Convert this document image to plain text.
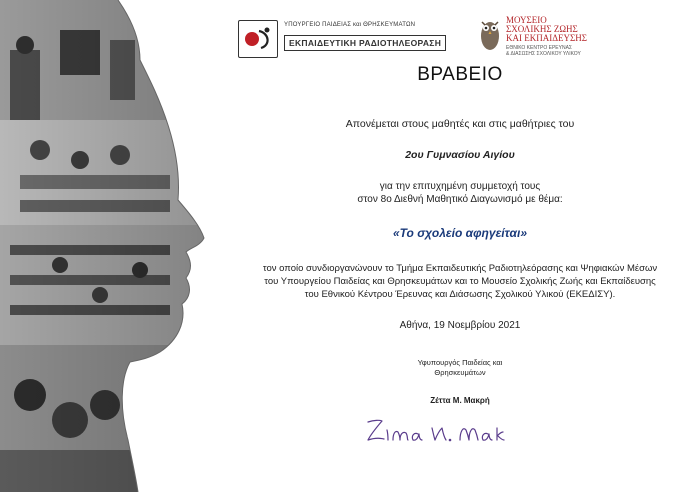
ΥΠΟΥΡΓΕΙΟ ΠΑΙΔΕΙΑΣ και ΘΡΗΣΚΕΥΜΑΤΩΝ
ΕΚΠΑΙΔΕΥΤΙΚΗ ΡΑΔΙΟΤΗΛΕΟΡΑΣΗ
ΜΟΥΣΕΙΟ
ΣΧΟΛΙΚΗΣ ΖΩΗΣ
ΚΑΙ ΕΚΠΑΙΔΕΥΣΗΣ
ΕΘΝΙΚΟ ΚΕΝΤΡΟ ΕΡΕΥΝΑΣ
& ΔΙΑΣΩΣΗΣ ΣΧΟΛΙΚΟΥ ΥΛΙΚΟΥ
ΒΡΑΒΕΙΟ
Απονέμεται στους μαθητές και στις μαθήτριες του
2ου Γυμνασίου Αιγίου
για την επιτυχημένη συμμετοχή τους
στον 8ο Διεθνή Μαθητικό Διαγωνισμό με θέμα:
«Το σχολείο αφηγείται»
τον οποίο συνδιοργανώνουν το Τμήμα Εκπαιδευτικής Ραδιοτηλεόρασης και Ψηφιακών Μέσων
του Υπουργείου Παιδείας και Θρησκευμάτων και το Μουσείο Σχολικής Ζωής και Εκπαίδευσης
του Εθνικού Κέντρου Έρευνας και Διάσωσης Σχολικού Υλικού (ΕΚΕΔΙΣΥ).
Αθήνα, 19 Νοεμβρίου 2021
Υφυπουργός Παιδείας και
Θρησκευμάτων
Ζέττα Μ. Μακρή
